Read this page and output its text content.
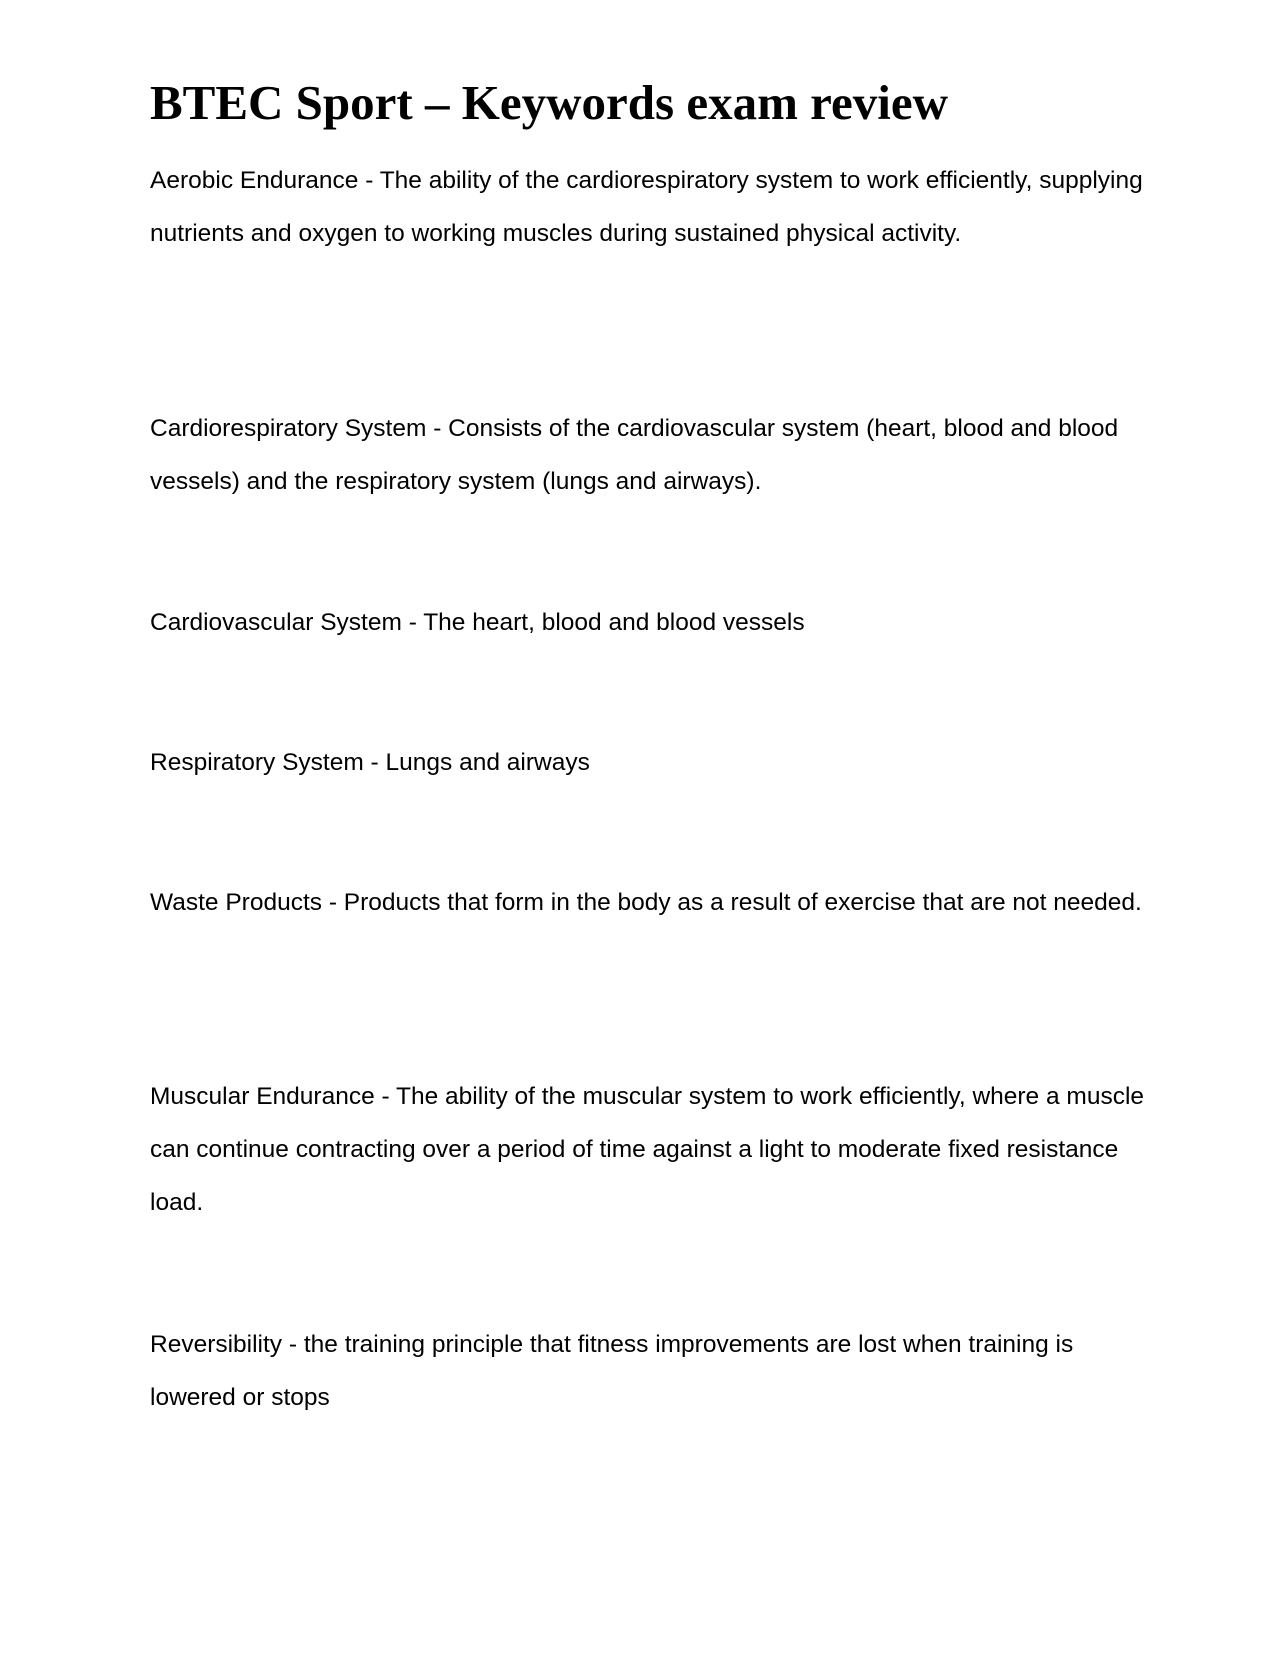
BTEC Sport – Keywords exam review

Aerobic Endurance - The ability of the cardiorespiratory system to work efficiently, supplying nutrients and oxygen to working muscles during sustained physical activity.

Cardiorespiratory System - Consists of the cardiovascular system (heart, blood and blood vessels) and the respiratory system (lungs and airways).

Cardiovascular System - The heart, blood and blood vessels

Respiratory System - Lungs and airways

Waste Products - Products that form in the body as a result of exercise that are not needed.

Muscular Endurance - The ability of the muscular system to work efficiently, where a muscle can continue contracting over a period of time against a light to moderate fixed resistance load.

Reversibility - the training principle that fitness improvements are lost when training is lowered or stops
